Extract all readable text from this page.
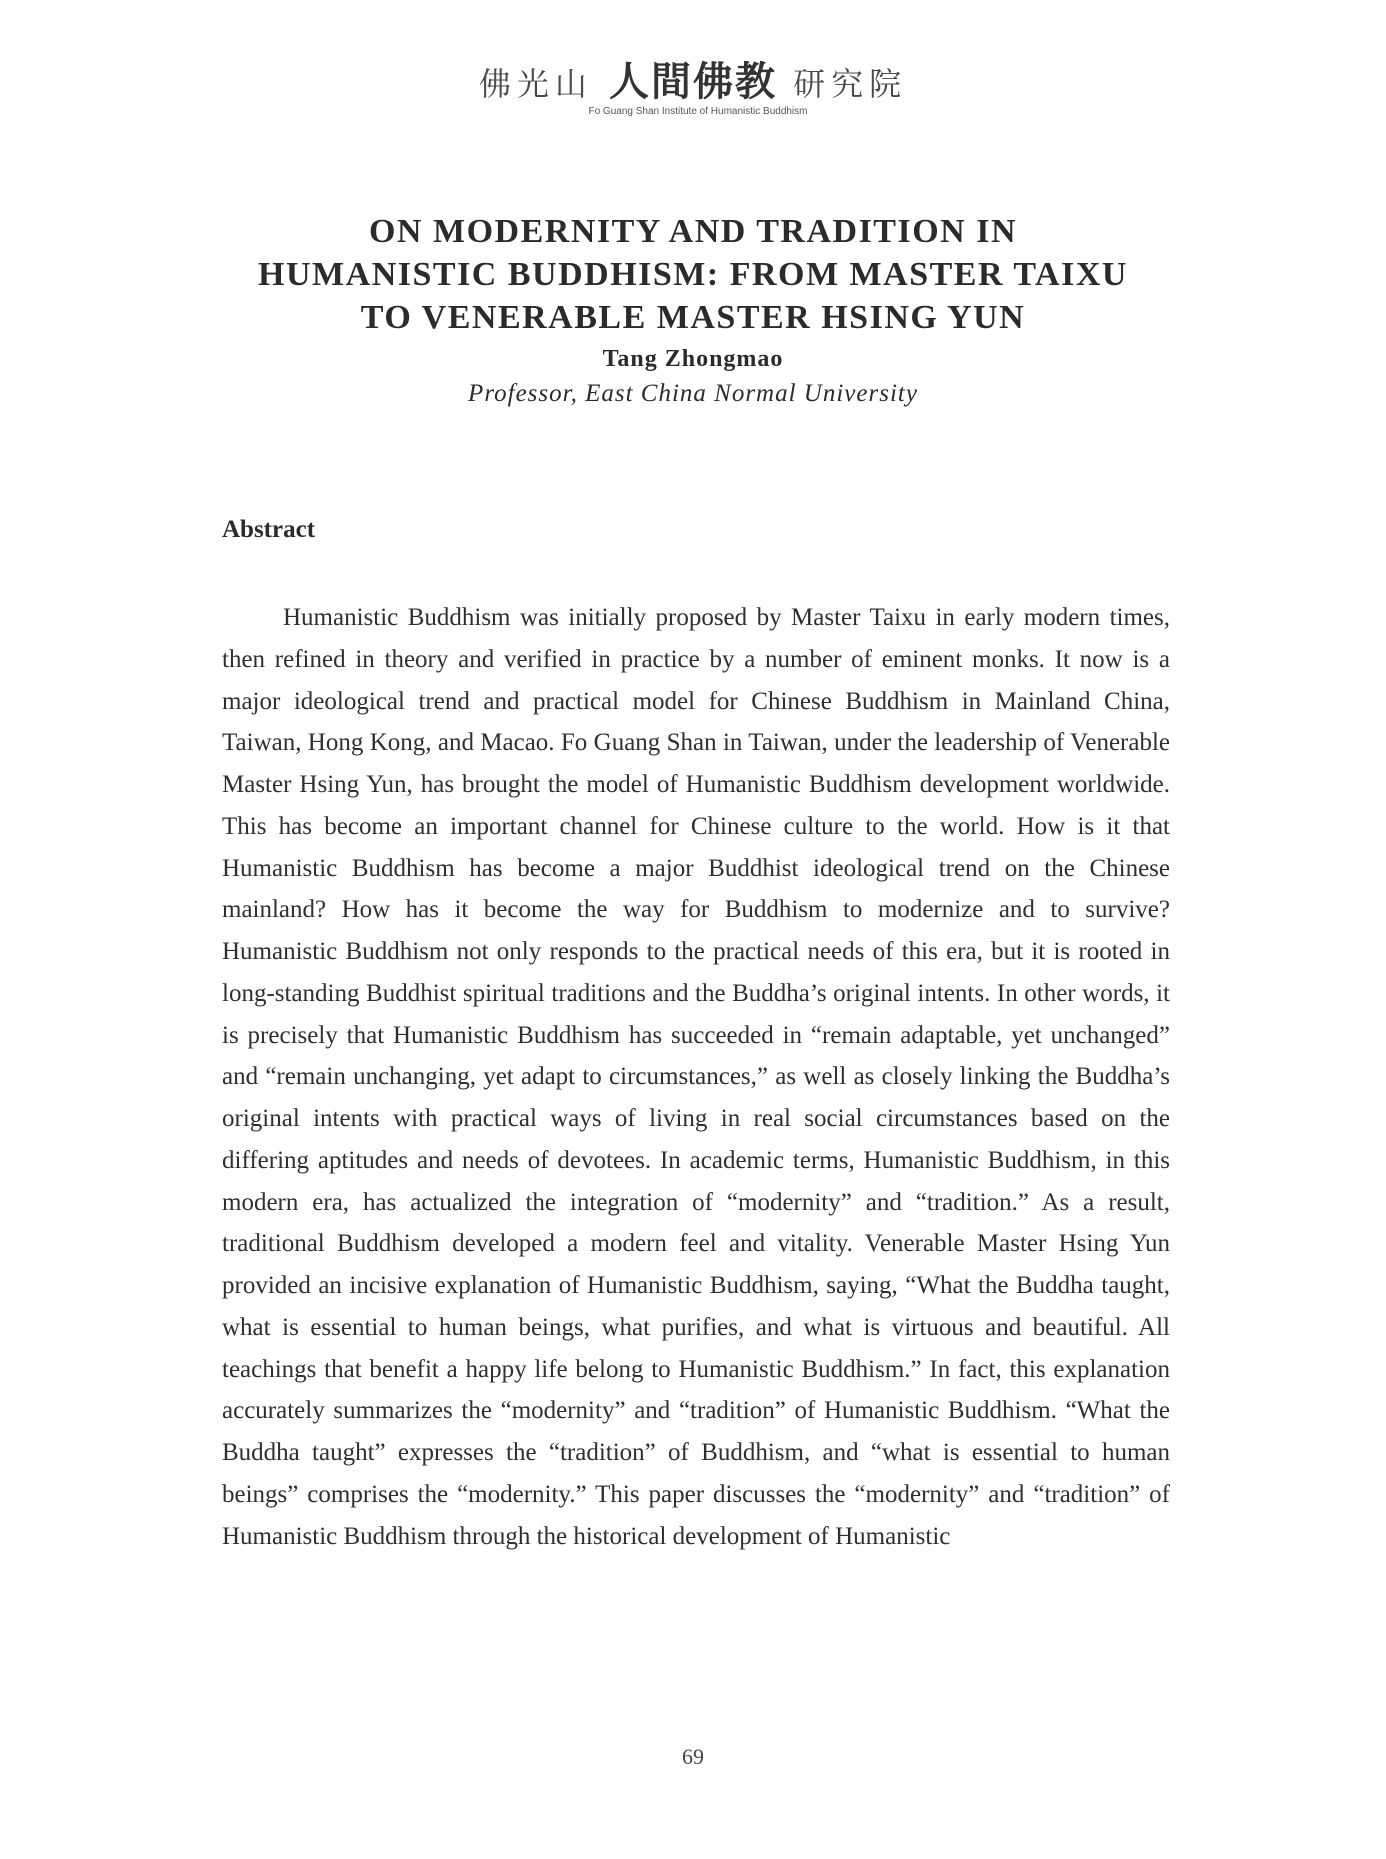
佛光山 人間佛教 研究院
Fo Guang Shan Institute of Humanistic Buddhism
ON MODERNITY AND TRADITION IN
HUMANISTIC BUDDHISM: FROM MASTER TAIXU
TO VENERABLE MASTER HSING YUN
Tang Zhongmao
Professor, East China Normal University
Abstract

Humanistic Buddhism was initially proposed by Master Taixu in early modern times, then refined in theory and verified in practice by a number of eminent monks. It now is a major ideological trend and practical model for Chinese Buddhism in Mainland China, Taiwan, Hong Kong, and Macao. Fo Guang Shan in Taiwan, under the leadership of Venerable Master Hsing Yun, has brought the model of Humanistic Buddhism development worldwide. This has become an important channel for Chinese culture to the world. How is it that Humanistic Buddhism has become a major Buddhist ideological trend on the Chinese mainland? How has it become the way for Buddhism to modernize and to survive? Humanistic Buddhism not only responds to the practical needs of this era, but it is rooted in long-standing Buddhist spiritual traditions and the Buddha’s original intents. In other words, it is precisely that Humanistic Buddhism has succeeded in “remain adaptable, yet unchanged” and “remain unchanging, yet adapt to circumstances,” as well as closely linking the Buddha’s original intents with practical ways of living in real social circumstances based on the differing aptitudes and needs of devotees. In academic terms, Humanistic Buddhism, in this modern era, has actualized the integration of “modernity” and “tradition.” As a result, traditional Buddhism developed a modern feel and vitality. Venerable Master Hsing Yun provided an incisive explanation of Humanistic Buddhism, saying, “What the Buddha taught, what is essential to human beings, what purifies, and what is virtuous and beautiful. All teachings that benefit a happy life belong to Humanistic Buddhism.” In fact, this explanation accurately summarizes the “modernity” and “tradition” of Humanistic Buddhism. “What the Buddha taught” expresses the “tradition” of Buddhism, and “what is essential to human beings” comprises the “modernity.” This paper discusses the “modernity” and “tradition” of Humanistic Buddhism through the historical development of Humanistic

69
